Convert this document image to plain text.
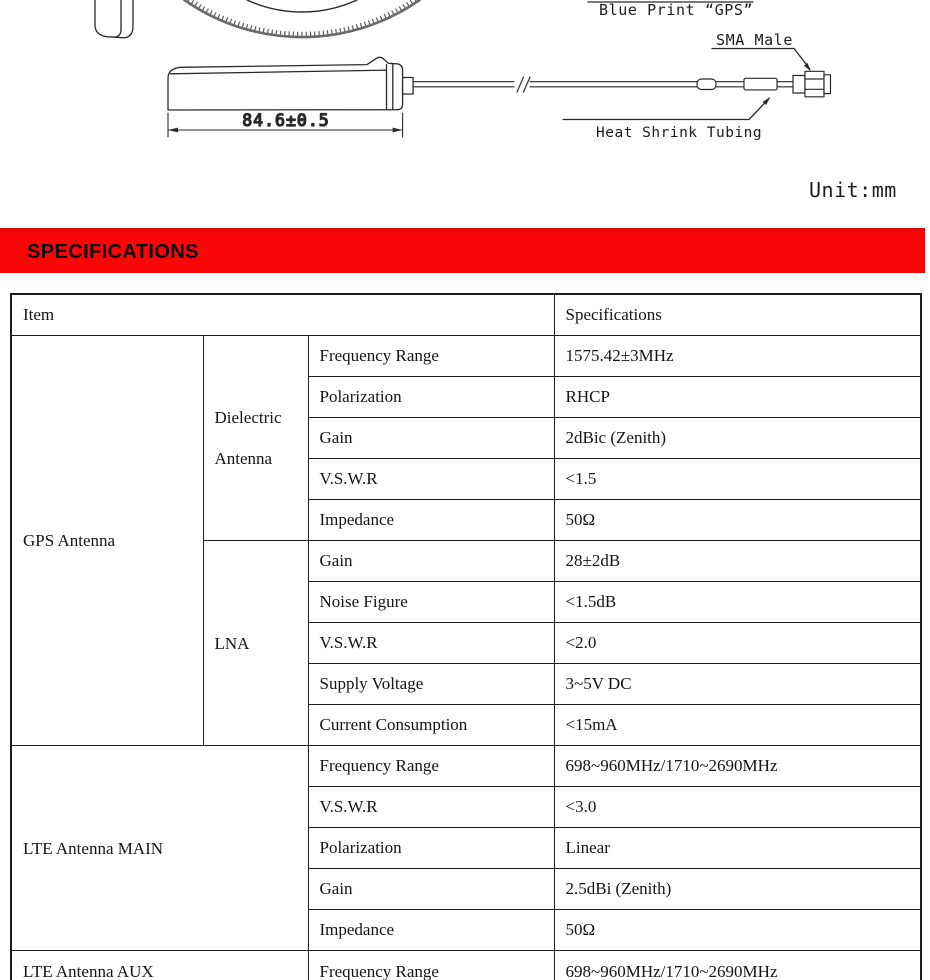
84.6±0.5
Blue Print “GPS”
SMA Male
Heat Shrink Tubing
Unit:mm
SPECIFICATIONS
Item			Specifications
GPS Antenna	Dielectric Antenna	Frequency Range	1575.42±3MHz
		Polarization	RHCP
		Gain	2dBic (Zenith)
		V.S.W.R	<1.5
		Impedance	50Ω
	LNA	Gain	28±2dB
		Noise Figure	<1.5dB
		V.S.W.R	<2.0
		Supply Voltage	3~5V DC
		Current Consumption	<15mA
LTE Antenna MAIN		Frequency Range	698~960MHz/1710~2690MHz
		V.S.W.R	<3.0
		Polarization	Linear
		Gain	2.5dBi (Zenith)
		Impedance	50Ω
LTE Antenna AUX		Frequency Range	698~960MHz/1710~2690MHz
